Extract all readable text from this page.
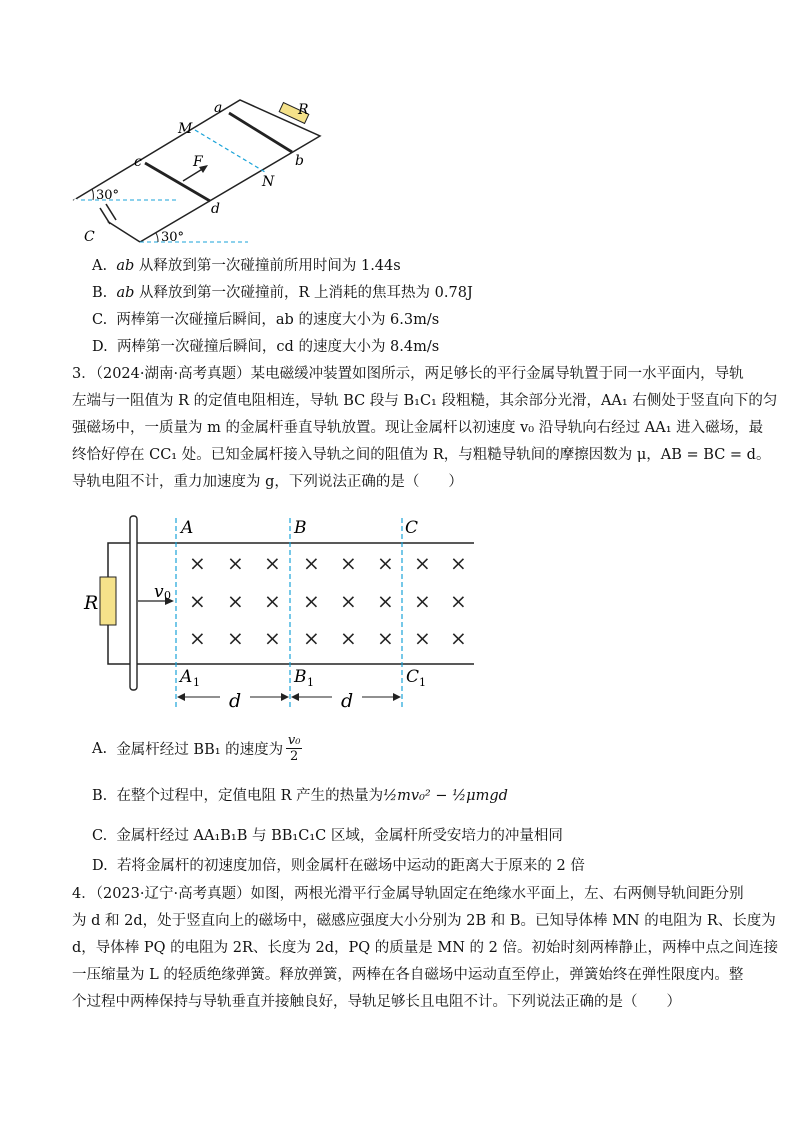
a	R
M
b
c	F
N
d
30°
C	30°
A. ab 从释放到第一次碰撞前所用时间为 1.44s
B. ab 从释放到第一次碰撞前，R 上消耗的焦耳热为 0.78J
C. 两棒第一次碰撞后瞬间，ab 的速度大小为 6.3m/s
D. 两棒第一次碰撞后瞬间，cd 的速度大小为 8.4m/s
3．（2024·湖南·高考真题）某电磁缓冲装置如图所示，两足够长的平行金属导轨置于同一水平面内，导轨
左端与一阻值为 R 的定值电阻相连，导轨 BC 段与 B₁C₁ 段粗糙，其余部分光滑，AA₁ 右侧处于竖直向下的匀
强磁场中，一质量为 m 的金属杆垂直导轨放置。现让金属杆以初速度 v₀ 沿导轨向右经过 AA₁ 进入磁场，最
终恰好停在 CC₁ 处。已知金属杆接入导轨之间的阻值为 R，与粗糙导轨间的摩擦因数为 μ，AB = BC = d。
导轨电阻不计，重力加速度为 g，下列说法正确的是（　　）
× × × × × × × ×
× × × × × × × ×
× × × × × × × ×
A	B	C
A	B	C
R	v
d	d
0
1	1	1
A.
金属杆经过 BB₁ 的速度为
v₀
2
B. 在整个过程中，定值电阻 R 产生的热量为½mv₀² − ½μmgd
C. 金属杆经过 AA₁B₁B 与 BB₁C₁C 区域，金属杆所受安培力的冲量相同
D. 若将金属杆的初速度加倍，则金属杆在磁场中运动的距离大于原来的 2 倍
4．（2023·辽宁·高考真题）如图，两根光滑平行金属导轨固定在绝缘水平面上，左、右两侧导轨间距分别
为 d 和 2d，处于竖直向上的磁场中，磁感应强度大小分别为 2B 和 B。已知导体棒 MN 的电阻为 R、长度为
d，导体棒 PQ 的电阻为 2R、长度为 2d，PQ 的质量是 MN 的 2 倍。初始时刻两棒静止，两棒中点之间连接
一压缩量为 L 的轻质绝缘弹簧。释放弹簧，两棒在各自磁场中运动直至停止，弹簧始终在弹性限度内。整
个过程中两棒保持与导轨垂直并接触良好，导轨足够长且电阻不计。下列说法正确的是（　　）
